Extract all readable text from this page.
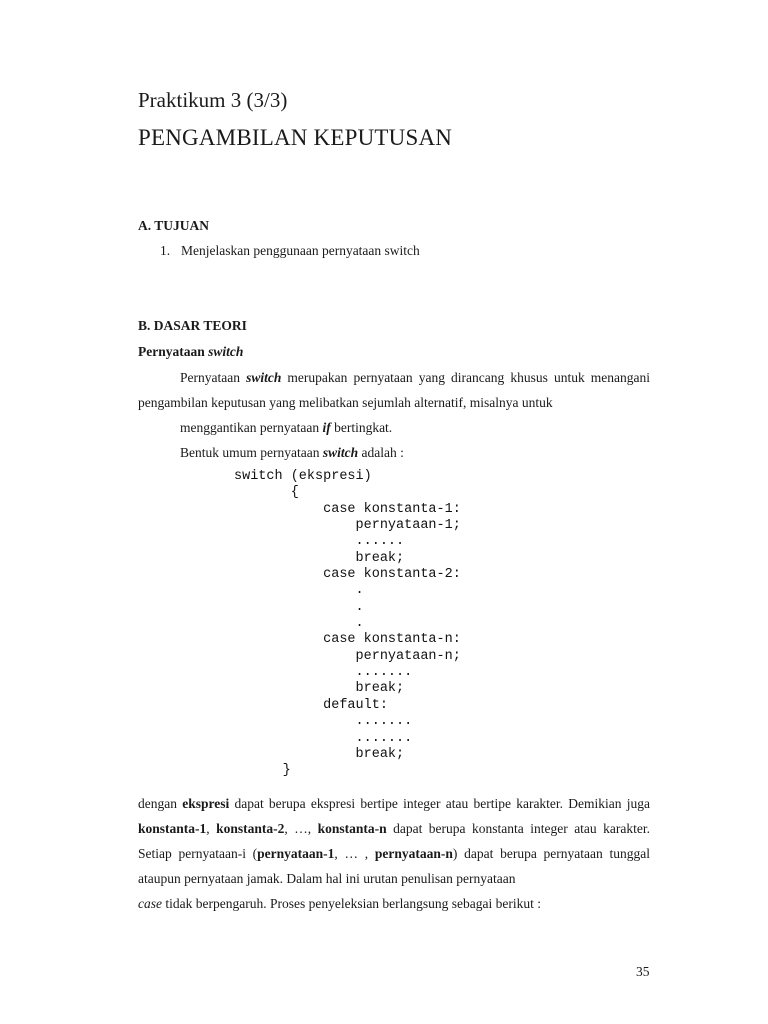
Praktikum 3 (3/3)
PENGAMBILAN KEPUTUSAN
A. TUJUAN
1. Menjelaskan penggunaan pernyataan switch
B. DASAR TEORI
Pernyataan switch
Pernyataan switch merupakan pernyataan yang dirancang khusus untuk menangani pengambilan keputusan yang melibatkan sejumlah alternatif, misalnya untuk
menggantikan pernyataan if bertingkat.
Bentuk umum pernyataan switch adalah :
switch (ekspresi)
{
case konstanta-1:
pernyataan-1;
......
break;
case konstanta-2:
.
.
.
case konstanta-n:
pernyataan-n;
.......
break;
default:
.......
.......
break;
}
dengan ekspresi dapat berupa ekspresi bertipe integer atau bertipe karakter. Demikian juga konstanta-1, konstanta-2, …, konstanta-n dapat berupa konstanta integer atau karakter. Setiap pernyataan-i (pernyataan-1, … , pernyataan-n) dapat berupa pernyataan tunggal ataupun pernyataan jamak. Dalam hal ini urutan penulisan pernyataan
case tidak berpengaruh. Proses penyeleksian berlangsung sebagai berikut :
35
